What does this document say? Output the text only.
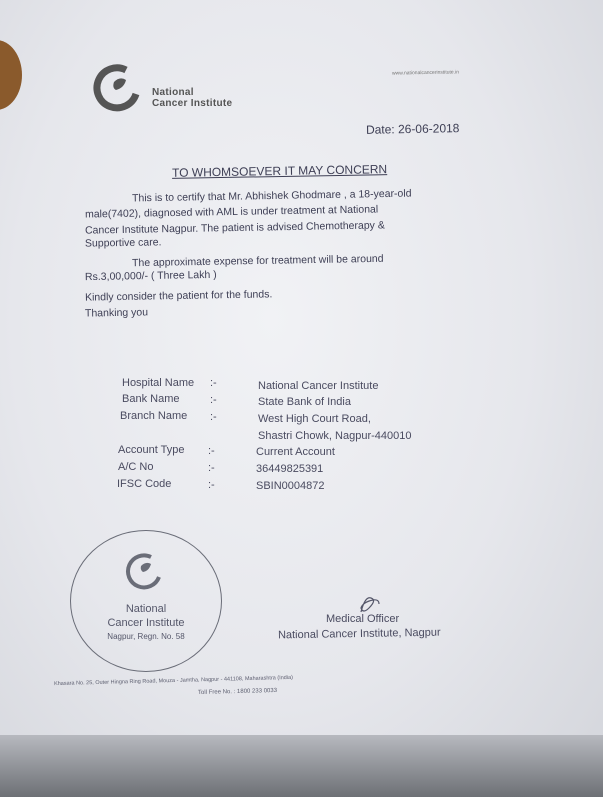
National
Cancer Institute
www.nationalcancerinstitute.in
Date: 26-06-2018
TO WHOMSOEVER IT MAY CONCERN
This is to certify that Mr. Abhishek Ghodmare , a 18-year-old
male(7402), diagnosed with AML is under treatment at National
Cancer Institute Nagpur. The patient is advised Chemotherapy &
Supportive care.
The approximate expense for treatment will be around
Rs.3,00,000/- ( Three Lakh )
Kindly consider the patient for the funds.
Thanking you
Hospital Name :-	National Cancer Institute
Bank Name	:-	State Bank of India
Branch Name :-	West High Court Road,
Shastri Chowk, Nagpur-440010
Account Type :-	Current Account
A/C No	:-	36449825391
IFSC Code	:-	SBIN0004872
National
Cancer Institute
Nagpur, Regn. No. 58
Medical Officer
National Cancer Institute, Nagpur
Khasara No. 25, Outer Hingna Ring Road, Mouza - Jamtha, Nagpur - 441108, Maharashtra (India)
Toll Free No. : 1800 233 0033
